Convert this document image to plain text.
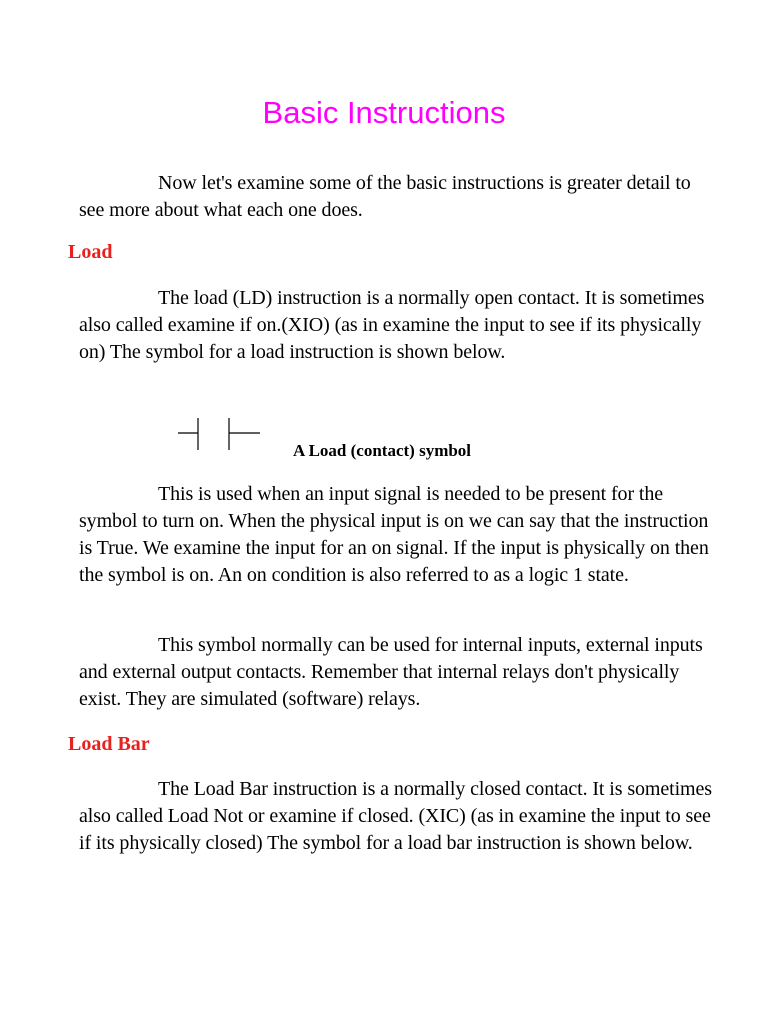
Basic Instructions

Now let's examine some of the basic instructions is greater detail to see more about what each one does.

Load

The load (LD) instruction is a normally open contact. It is sometimes also called examine if on.(XIO) (as in examine the input to see if its physically on) The symbol for a load instruction is shown below.

A Load (contact) symbol

This is used when an input signal is needed to be present for the symbol to turn on. When the physical input is on we can say that the instruction is True. We examine the input for an on signal. If the input is physically on then the symbol is on. An on condition is also referred to as a logic 1 state.

This symbol normally can be used for internal inputs, external inputs and external output contacts. Remember that internal relays don't physically exist. They are simulated (software) relays.

Load Bar

The Load Bar instruction is a normally closed contact. It is sometimes also called Load Not or examine if closed. (XIC) (as in examine the input to see if its physically closed) The symbol for a load bar instruction is shown below.
